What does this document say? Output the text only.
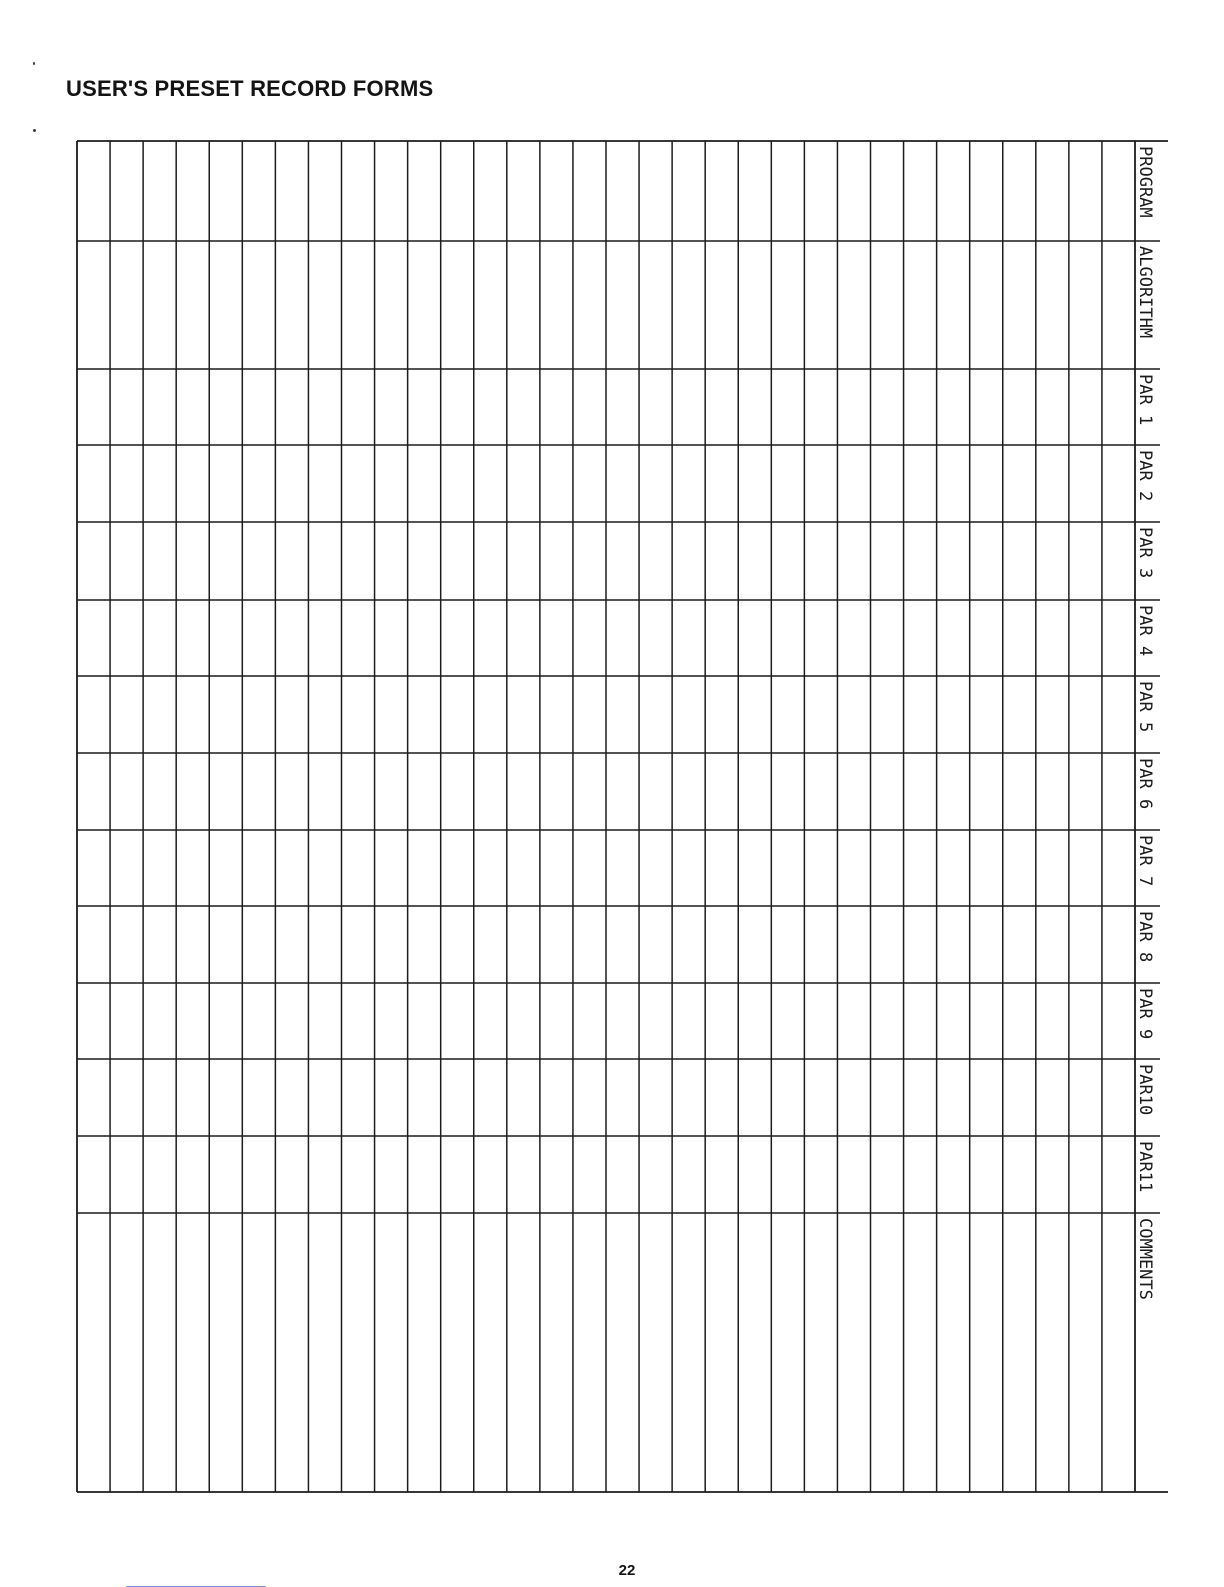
USER'S PRESET RECORD FORMS
PROGRAM
ALGORITHM
PAR 1
PAR 2
PAR 3
PAR 4
PAR 5
PAR 6
PAR 7
PAR 8
PAR 9
PAR10
PAR11
COMMENTS
22
